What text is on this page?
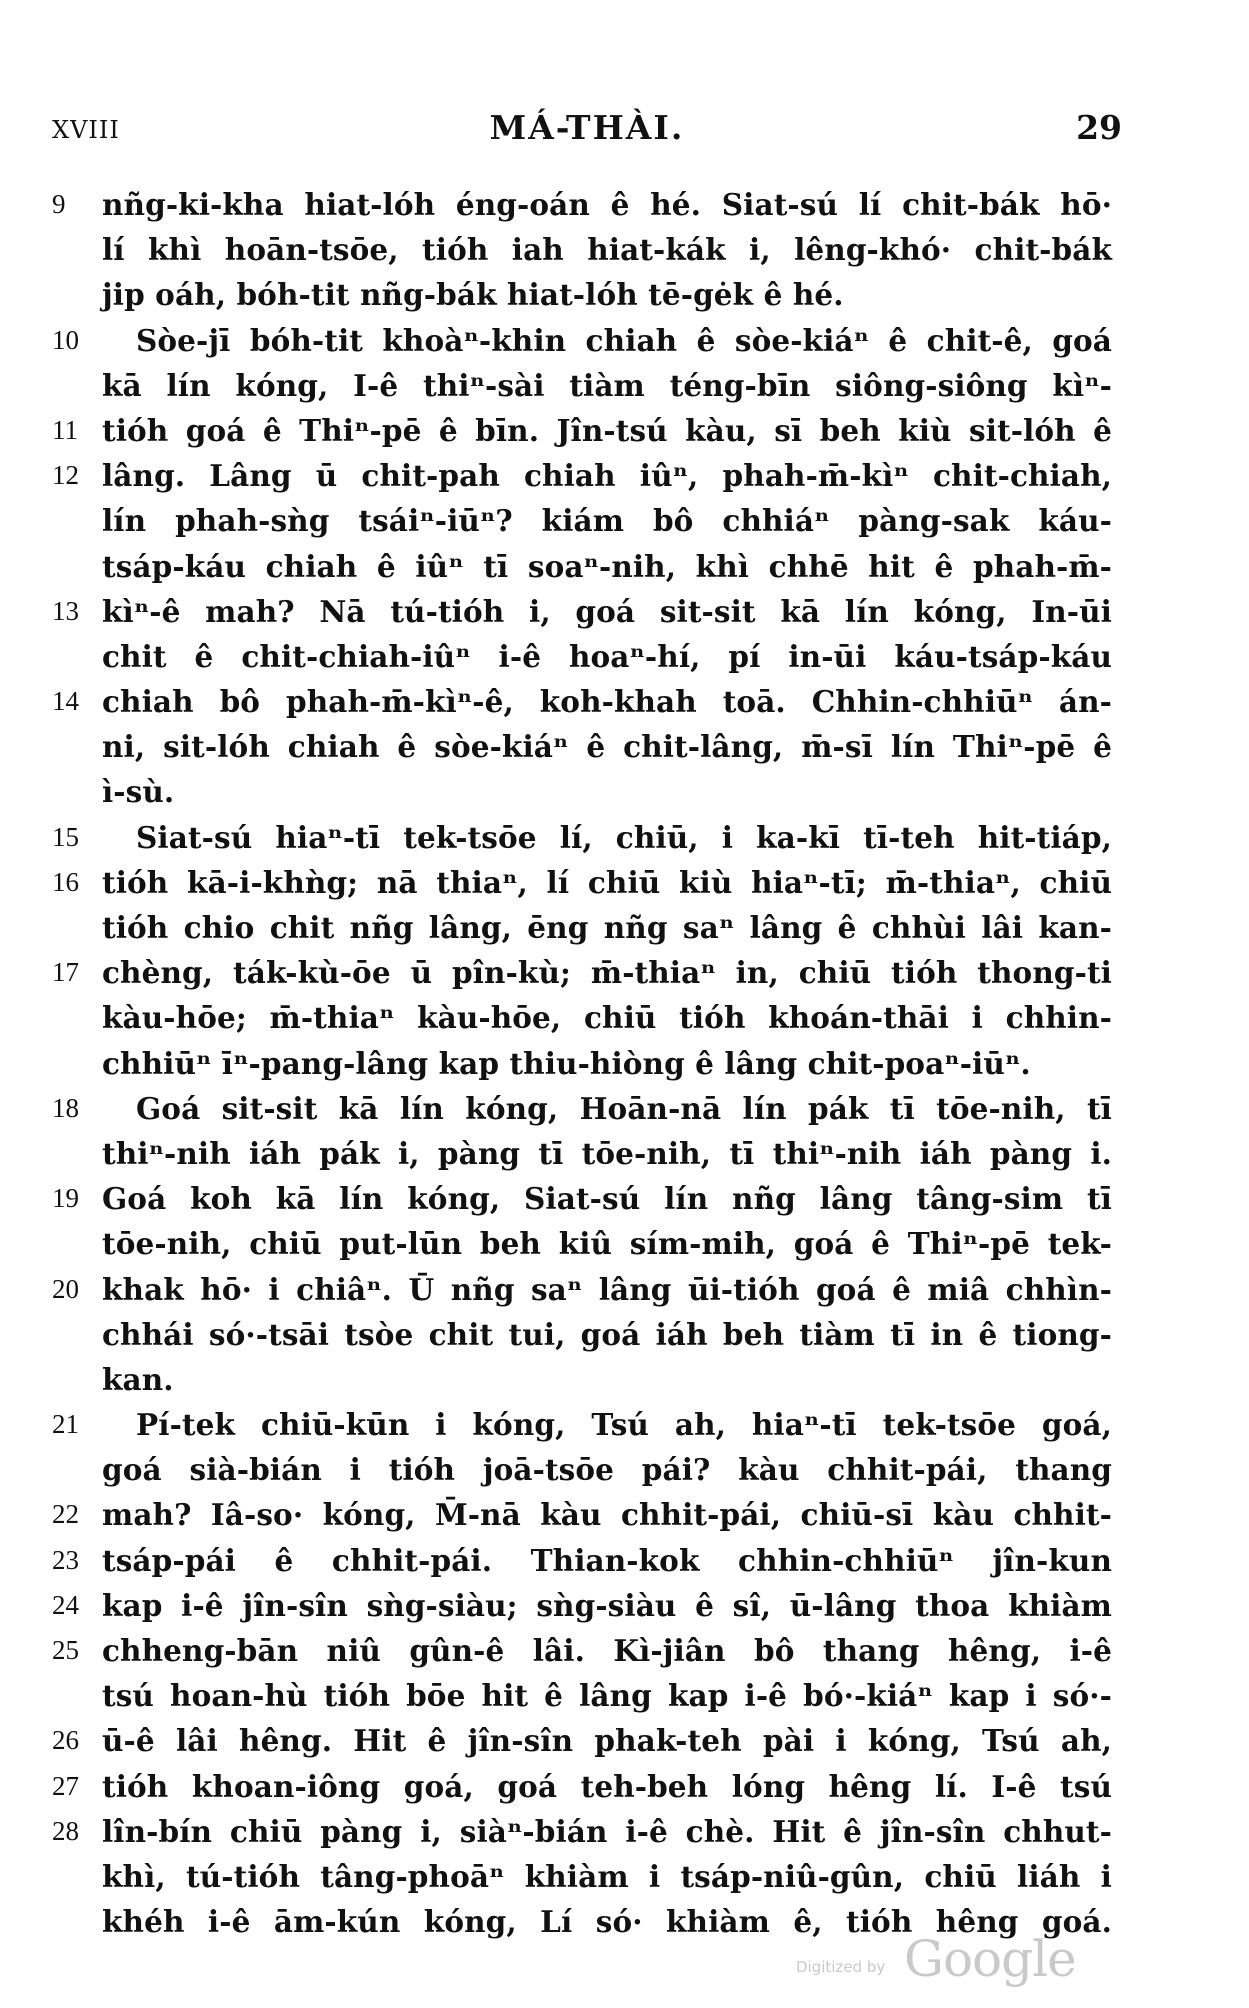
XVIII	MÁ-THÀI.	29
9	nñg-ki-kha hiat-lóh éng-oán ê hé. Siat-sú lí chit-bák hō·
lí khì hoān-tsōe, tióh iah hiat-kák i, lêng-khó· chit-bák
jip oáh, bóh-tit nñg-bák hiat-lóh tē-gėk ê hé.
10	Sòe-jī bóh-tit khoàⁿ-khin chiah ê sòe-kiáⁿ ê chit-ê, goá
kā lín kóng, I-ê thiⁿ-sài tiàm téng-bīn siông-siông kìⁿ-
11 tióh goá ê Thiⁿ-pē ê bīn. Jîn-tsú kàu, sī beh kiù sit-lóh ê
12 lâng. Lâng ū chit-pah chiah iûⁿ, phah-m̄-kìⁿ chit-chiah,
lín phah-sǹg tsáiⁿ-iūⁿ? kiám bô chhiáⁿ pàng-sak káu-
tsáp-káu chiah ê iûⁿ tī soaⁿ-nih, khì chhē hit ê phah-m̄-
13 kìⁿ-ê mah? Nā tú-tióh i, goá sit-sit kā lín kóng, In-ūi
chit ê chit-chiah-iûⁿ i-ê hoaⁿ-hí, pí in-ūi káu-tsáp-káu
14 chiah bô phah-m̄-kìⁿ-ê, koh-khah toā. Chhin-chhiūⁿ án-
ni, sit-lóh chiah ê sòe-kiáⁿ ê chit-lâng, m̄-sī lín Thiⁿ-pē ê
ì-sù.
15	Siat-sú hiaⁿ-tī tek-tsōe lí, chiū, i ka-kī tī-teh hit-tiáp,
16 tióh kā-i-khǹg; nā thiaⁿ, lí chiū kiù hiaⁿ-tī; m̄-thiaⁿ, chiū
tióh chio chit nñg lâng, ēng nñg saⁿ lâng ê chhùi lâi kan-
17 chèng, ták-kù-ōe ū pîn-kù; m̄-thiaⁿ in, chiū tióh thong-ti
kàu-hōe; m̄-thiaⁿ kàu-hōe, chiū tióh khoán-thāi i chhin-
chhiūⁿ īⁿ-pang-lâng kap thiu-hiòng ê lâng chit-poaⁿ-iūⁿ.
18	Goá sit-sit kā lín kóng, Hoān-nā lín pák tī tōe-nih, tī
thiⁿ-nih iáh pák i, pàng tī tōe-nih, tī thiⁿ-nih iáh pàng i.
19 Goá koh kā lín kóng, Siat-sú lín nñg lâng tâng-sim tī
tōe-nih, chiū put-lūn beh kiû sím-mih, goá ê Thiⁿ-pē tek-
20 khak hō· i chiâⁿ. Ū nñg saⁿ lâng ūi-tióh goá ê miâ chhìn-
chhái só·-tsāi tsòe chit tui, goá iáh beh tiàm tī in ê tiong-
kan.
21	Pí-tek chiū-kūn i kóng, Tsú ah, hiaⁿ-tī tek-tsōe goá,
goá sià-bián i tióh joā-tsōe pái? kàu chhit-pái, thang
22 mah? Iâ-so· kóng, M̄-nā kàu chhit-pái, chiū-sī kàu chhit-
23 tsáp-pái ê chhit-pái. Thian-kok chhin-chhiūⁿ jîn-kun
24 kap i-ê jîn-sîn sǹg-siàu; sǹg-siàu ê sî, ū-lâng thoa khiàm
25 chheng-bān niû gûn-ê lâi. Kì-jiân bô thang hêng, i-ê
tsú hoan-hù tióh bōe hit ê lâng kap i-ê bó·-kiáⁿ kap i só·-
26 ū-ê lâi hêng. Hit ê jîn-sîn phak-teh pài i kóng, Tsú ah,
27 tióh khoan-iông goá, goá teh-beh lóng hêng lí. I-ê tsú
28 lîn-bín chiū pàng i, siàⁿ-bián i-ê chè. Hit ê jîn-sîn chhut-
khì, tú-tióh tâng-phoāⁿ khiàm i tsáp-niû-gûn, chiū liáh i
khéh i-ê ām-kún kóng, Lí só· khiàm ê, tióh hêng goá.
Digitized by Google
